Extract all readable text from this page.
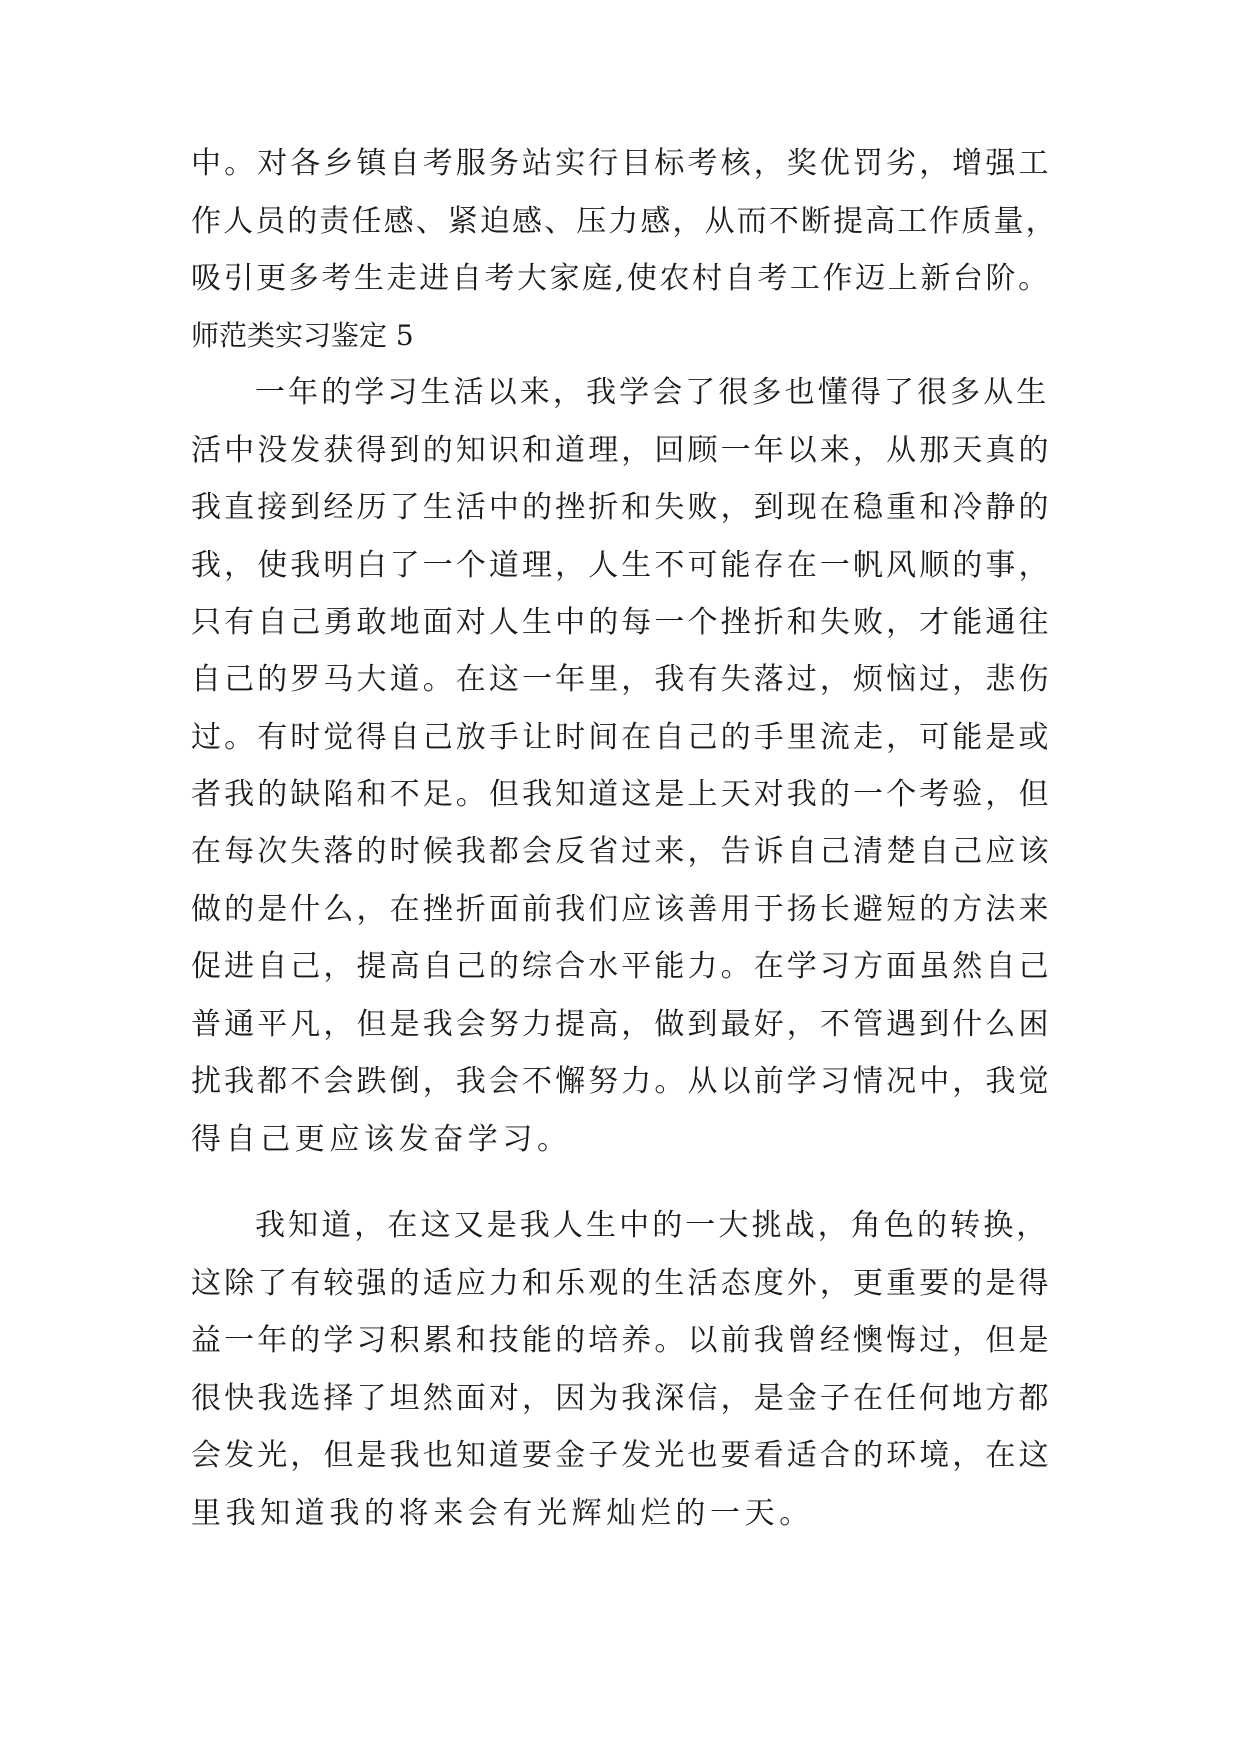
中。对各乡镇自考服务站实行目标考核，奖优罚劣，增强工

作人员的责任感、紧迫感、压力感，从而不断提高工作质量，

吸引更多考生走进自考大家庭,使农村自考工作迈上新台阶。

师范类实习鉴定 5

一年的学习生活以来，我学会了很多也懂得了很多从生

活中没发获得到的知识和道理，回顾一年以来，从那天真的

我直接到经历了生活中的挫折和失败，到现在稳重和冷静的

我，使我明白了一个道理，人生不可能存在一帆风顺的事，

只有自己勇敢地面对人生中的每一个挫折和失败，才能通往

自己的罗马大道。在这一年里，我有失落过，烦恼过，悲伤

过。有时觉得自己放手让时间在自己的手里流走，可能是或

者我的缺陷和不足。但我知道这是上天对我的一个考验，但

在每次失落的时候我都会反省过来，告诉自己清楚自己应该

做的是什么，在挫折面前我们应该善用于扬长避短的方法来

促进自己，提高自己的综合水平能力。在学习方面虽然自己

普通平凡，但是我会努力提高，做到最好，不管遇到什么困

扰我都不会跌倒，我会不懈努力。从以前学习情况中，我觉

得自己更应该发奋学习。

我知道，在这又是我人生中的一大挑战，角色的转换，

这除了有较强的适应力和乐观的生活态度外，更重要的是得

益一年的学习积累和技能的培养。以前我曾经懊悔过，但是

很快我选择了坦然面对，因为我深信，是金子在任何地方都

会发光，但是我也知道要金子发光也要看适合的环境，在这

里我知道我的将来会有光辉灿烂的一天。
